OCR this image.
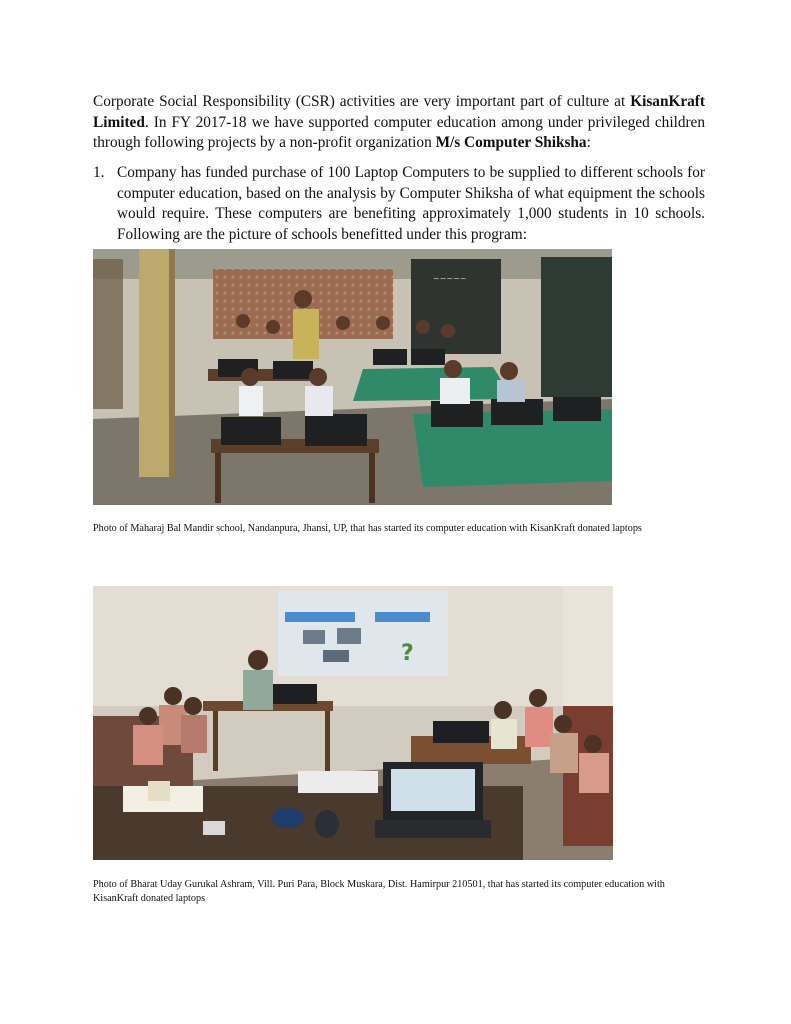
Corporate Social Responsibility (CSR) activities are very important part of culture at KisanKraft Limited. In FY 2017-18 we have supported computer education among under privileged children through following projects by a non-profit organization M/s Computer Shiksha:

1. Company has funded purchase of 100 Laptop Computers to be supplied to different schools for computer education, based on the analysis by Computer Shiksha of what equipment the schools would require. These computers are benefiting approximately 1,000 students in 10 schools. Following are the picture of schools benefitted under this program:

~~~~~

Photo of Maharaj Bal Mandir school, Nandanpura, Jhansi, UP, that has started its computer education with KisanKraft donated laptops

?

Photo of Bharat Uday Gurukal Ashram, Vill. Puri Para, Block Muskara, Dist. Hamirpur 210501, that has started its computer education with KisanKraft donated laptops
